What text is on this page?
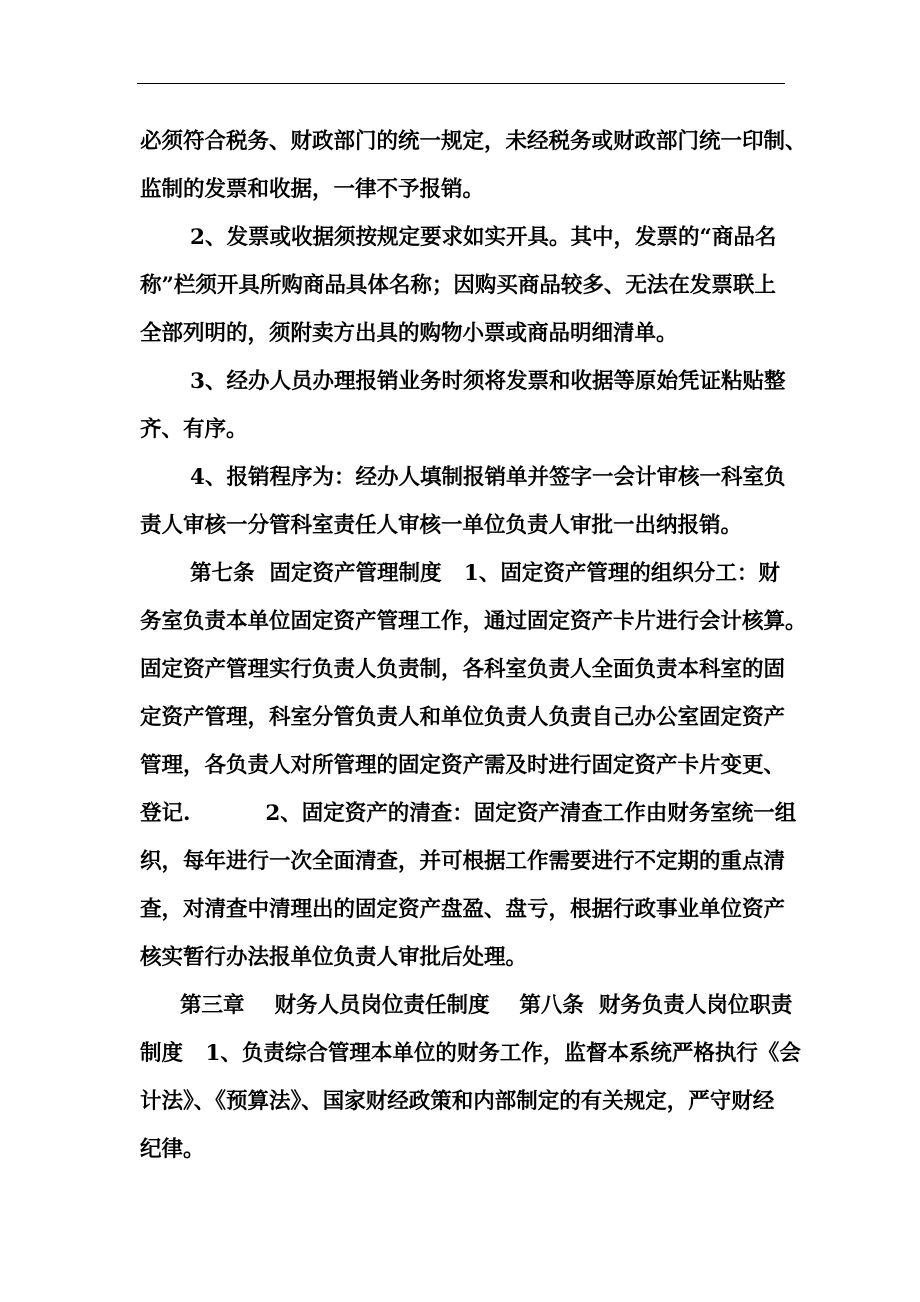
必须符合税务、财政部门的统一规定，未经税务或财政部门统一印制、
监制的发票和收据，一律不予报销。
2、发票或收据须按规定要求如实开具。其中，发票的“商品名
称”栏须开具所购商品具体名称；因购买商品较多、无法在发票联上
全部列明的，须附卖方出具的购物小票或商品明细清单。
3、经办人员办理报销业务时须将发票和收据等原始凭证粘贴整
齐、有序。
4、报销程序为：经办人填制报销单并签字一会计审核一科室负
责人审核一分管科室责任人审核一单位负责人审批一出纳报销。
第七条  固定资产管理制度   1、固定资产管理的组织分工：财
务室负责本单位固定资产管理工作，通过固定资产卡片进行会计核算。
固定资产管理实行负责人负责制，各科室负责人全面负责本科室的固
定资产管理，科室分管负责人和单位负责人负责自己办公室固定资产
管理，各负责人对所管理的固定资产需及时进行固定资产卡片变更、
登记.          2、固定资产的清查：固定资产清查工作由财务室统一组
织，每年进行一次全面清查，并可根据工作需要进行不定期的重点清
查，对清查中清理出的固定资产盘盈、盘亏，根据行政事业单位资产
核实暂行办法报单位负责人审批后处理。
第三章    财务人员岗位责任制度    第八条  财务负责人岗位职责
制度   1、负责综合管理本单位的财务工作，监督本系统严格执行《会
计法》、《预算法》、国家财经政策和内部制定的有关规定，严守财经
纪律。
